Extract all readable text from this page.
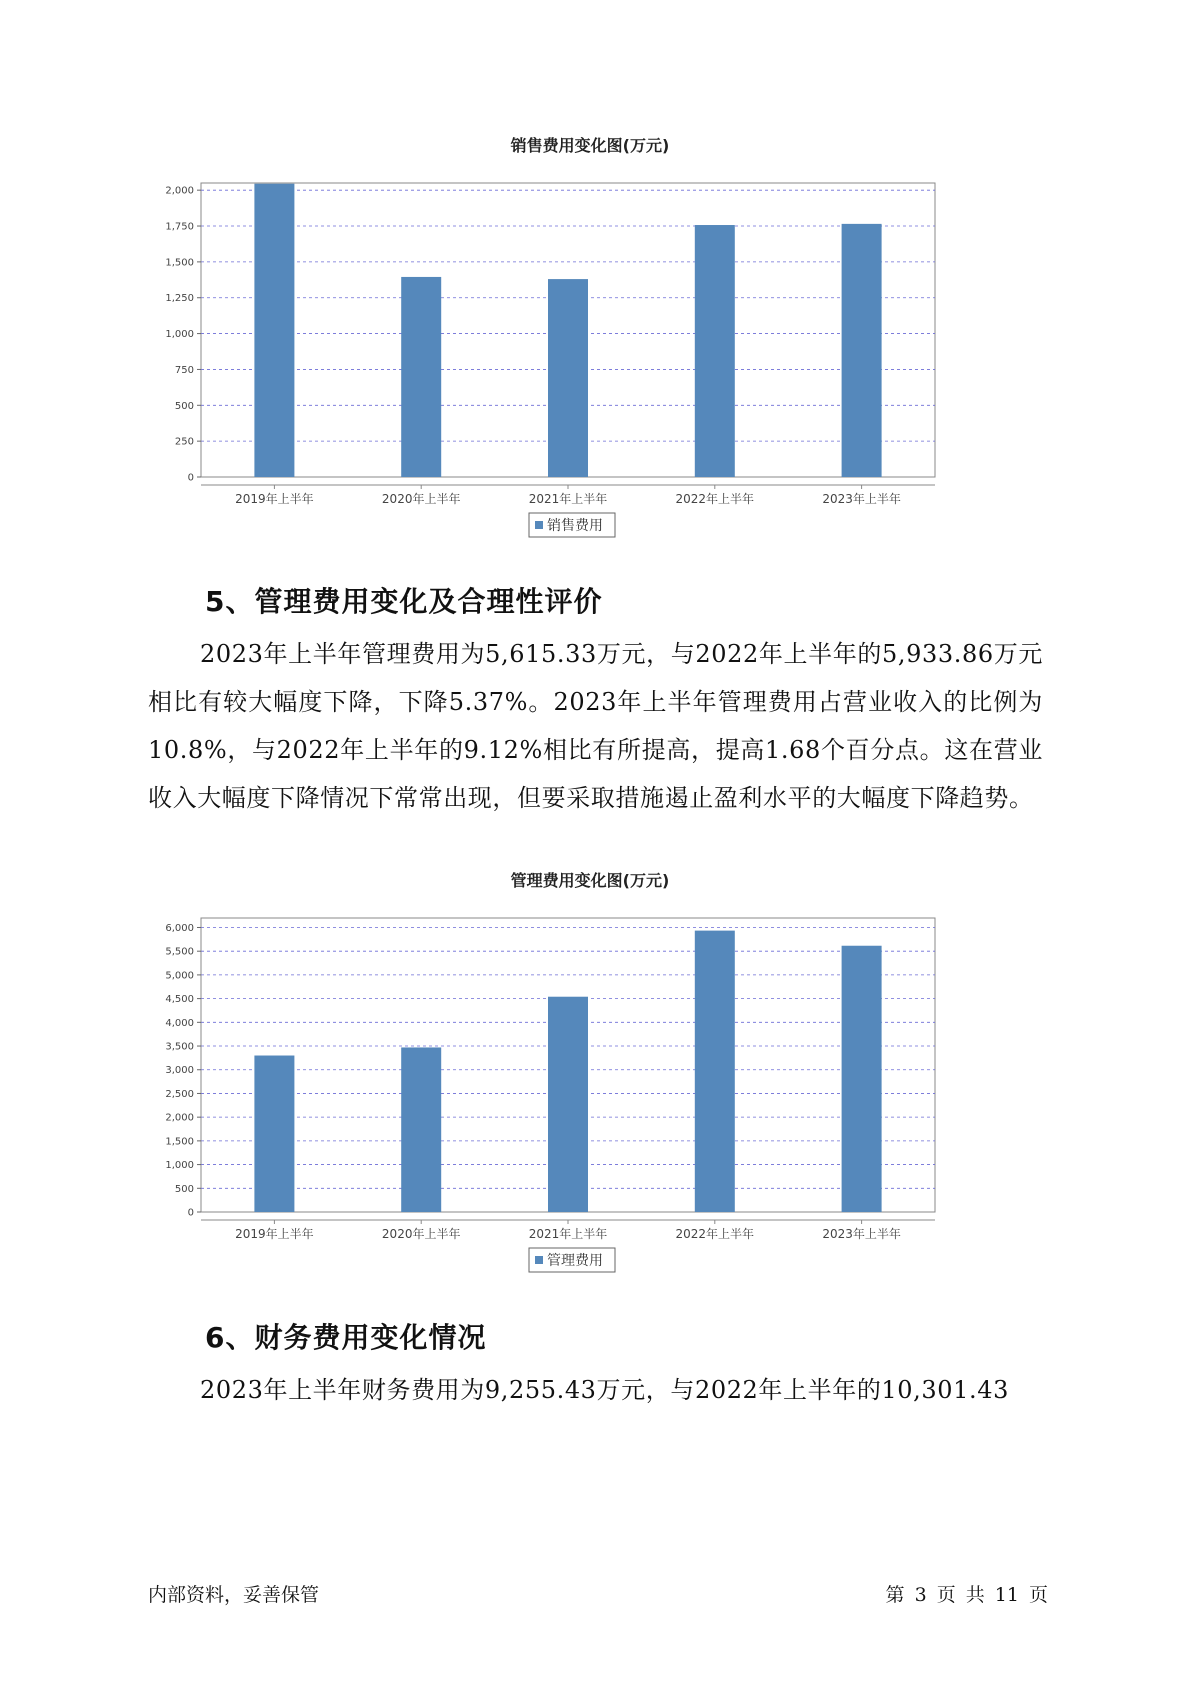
销售费用变化图(万元)
0
250
500
750
1,000
1,250
1,500
1,750
2,000
2019年上半年	2020年上半年	2021年上半年	2022年上半年	2023年上半年
销售费用
5、管理费用变化及合理性评价

2023年上半年管理费用为5,615.33万元，与2022年上半年的5,933.86万元相比有较大幅度下降，下降5.37%。2023年上半年管理费用占营业收入的比例为10.8%，与2022年上半年的9.12%相比有所提高，提高1.68个百分点。这在营业收入大幅度下降情况下常常出现，但要采取措施遏止盈利水平的大幅度下降趋势。

管理费用变化图(万元)
0
500
1,000
1,500
2,000
2,500
3,000
3,500
4,000
4,500
5,000
5,500
6,000
2019年上半年	2020年上半年	2021年上半年	2022年上半年	2023年上半年
管理费用
6、财务费用变化情况

2023年上半年财务费用为9,255.43万元，与2022年上半年的10,301.43

内部资料，妥善保管	第 3 页 共 11 页
